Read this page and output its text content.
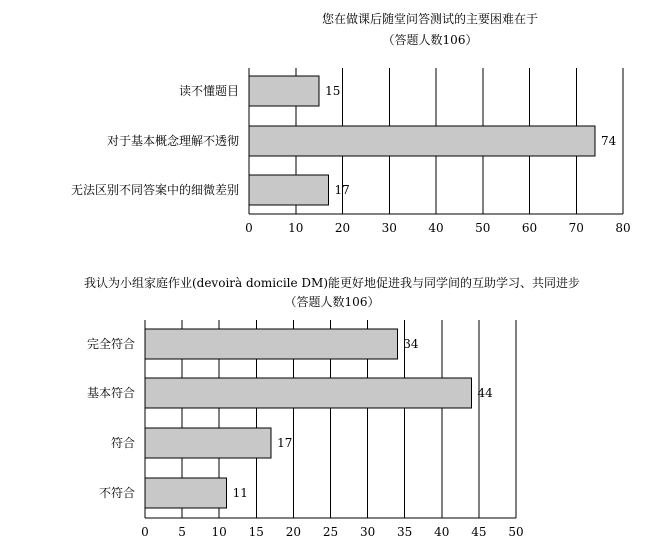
您在做课后随堂问答测试的主要困难在于
（答题人数106）
读不懂题目
对于基本概念理解不透彻
无法区别不同答案中的细微差别
15
74
17
0	10	20	30	40	50	60	70	80
我认为小组家庭作业(devoirà domicile DM)能更好地促进我与同学间的互助学习、共同进步
（答题人数106）
完全符合
基本符合
符合
不符合
34
44
17
11
0 5 10 15 20 25 30 35 40 45 50
